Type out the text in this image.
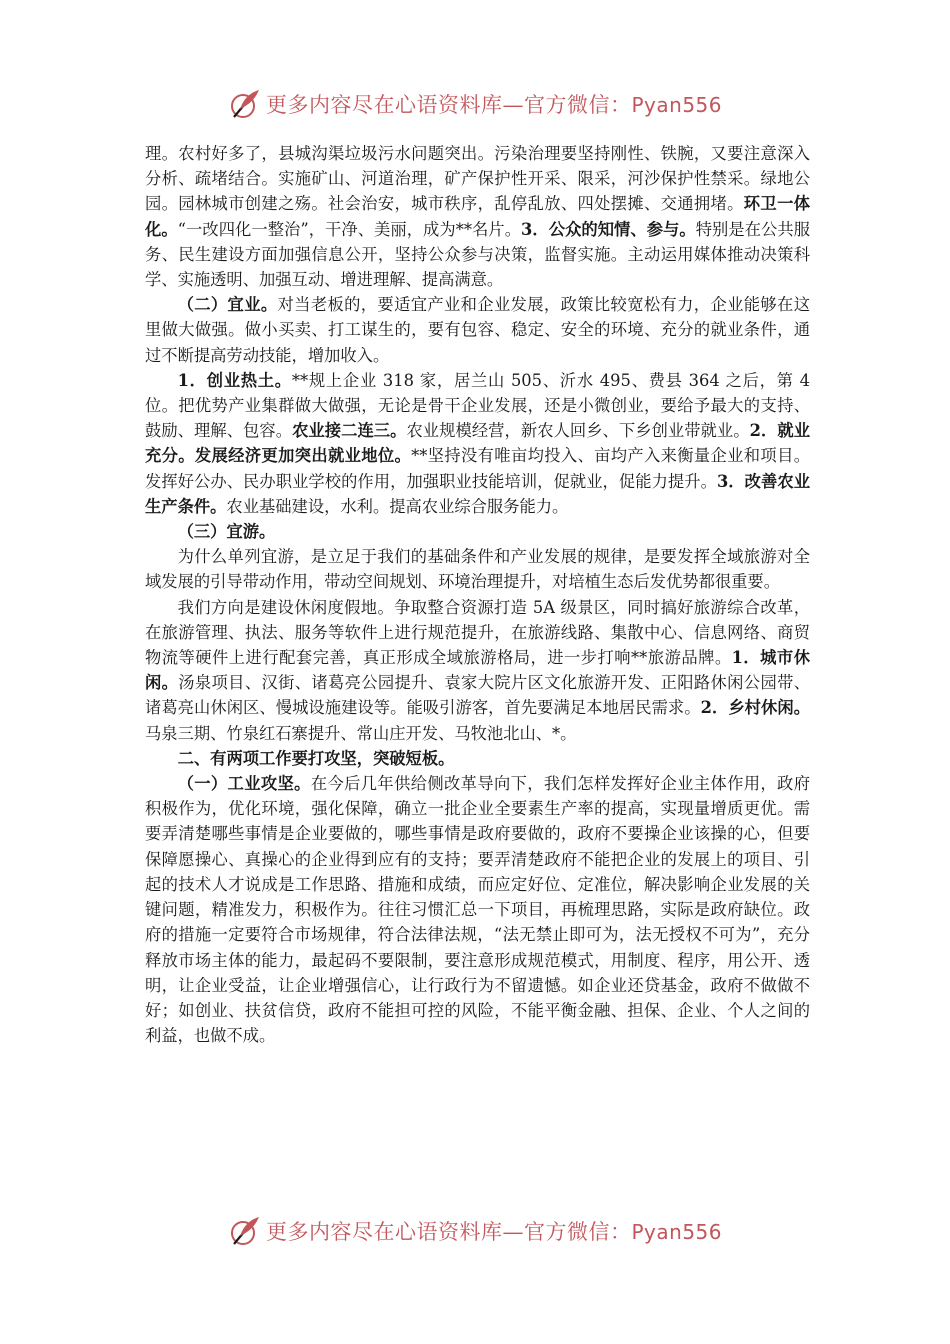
更多内容尽在心语资料库—官方微信：Pyan556

理。农村好多了，县城沟渠垃圾污水问题突出。污染治理要坚持刚性、铁腕，又要注意深入分析、疏堵结合。实施矿山、河道治理，矿产保护性开采、限采，河沙保护性禁采。绿地公园。园林城市创建之殇。社会治安，城市秩序，乱停乱放、四处摆摊、交通拥堵。环卫一体化。“一改四化一整治”，干净、美丽，成为**名片。3．公众的知情、参与。特别是在公共服务、民生建设方面加强信息公开，坚持公众参与决策，监督实施。主动运用媒体推动决策科学、实施透明、加强互动、增进理解、提高满意。

（二）宜业。对当老板的，要适宜产业和企业发展，政策比较宽松有力，企业能够在这里做大做强。做小买卖、打工谋生的，要有包容、稳定、安全的环境、充分的就业条件，通过不断提高劳动技能，增加收入。

1．创业热土。**规上企业 318 家，居兰山 505、沂水 495、费县 364 之后，第 4 位。把优势产业集群做大做强，无论是骨干企业发展，还是小微创业，要给予最大的支持、鼓励、理解、包容。农业接二连三。农业规模经营，新农人回乡、下乡创业带就业。2．就业充分。发展经济更加突出就业地位。**坚持没有唯亩均投入、亩均产入来衡量企业和项目。发挥好公办、民办职业学校的作用，加强职业技能培训，促就业，促能力提升。3．改善农业生产条件。农业基础建设，水利。提高农业综合服务能力。

（三）宜游。

为什么单列宜游，是立足于我们的基础条件和产业发展的规律，是要发挥全域旅游对全域发展的引导带动作用，带动空间规划、环境治理提升，对培植生态后发优势都很重要。

我们方向是建设休闲度假地。争取整合资源打造 5A 级景区，同时搞好旅游综合改革，在旅游管理、执法、服务等软件上进行规范提升，在旅游线路、集散中心、信息网络、商贸物流等硬件上进行配套完善，真正形成全域旅游格局，进一步打响**旅游品牌。1．城市休闲。汤泉项目、汉街、诸葛亮公园提升、袁家大院片区文化旅游开发、正阳路休闲公园带、诸葛亮山休闲区、慢城设施建设等。能吸引游客，首先要满足本地居民需求。2．乡村休闲。马泉三期、竹泉红石寨提升、常山庄开发、马牧池北山、*。

二、有两项工作要打攻坚，突破短板。

（一）工业攻坚。在今后几年供给侧改革导向下，我们怎样发挥好企业主体作用，政府积极作为，优化环境，强化保障，确立一批企业全要素生产率的提高，实现量增质更优。需要弄清楚哪些事情是企业要做的，哪些事情是政府要做的，政府不要操企业该操的心，但要保障愿操心、真操心的企业得到应有的支持；要弄清楚政府不能把企业的发展上的项目、引起的技术人才说成是工作思路、措施和成绩，而应定好位、定准位，解决影响企业发展的关键问题，精准发力，积极作为。往往习惯汇总一下项目，再梳理思路，实际是政府缺位。政府的措施一定要符合市场规律，符合法律法规，“法无禁止即可为，法无授权不可为”，充分释放市场主体的能力，最起码不要限制，要注意形成规范模式，用制度、程序，用公开、透明，让企业受益，让企业增强信心，让行政行为不留遗憾。如企业还贷基金，政府不做做不好；如创业、扶贫信贷，政府不能担可控的风险，不能平衡金融、担保、企业、个人之间的利益，也做不成。

更多内容尽在心语资料库—官方微信：Pyan556
